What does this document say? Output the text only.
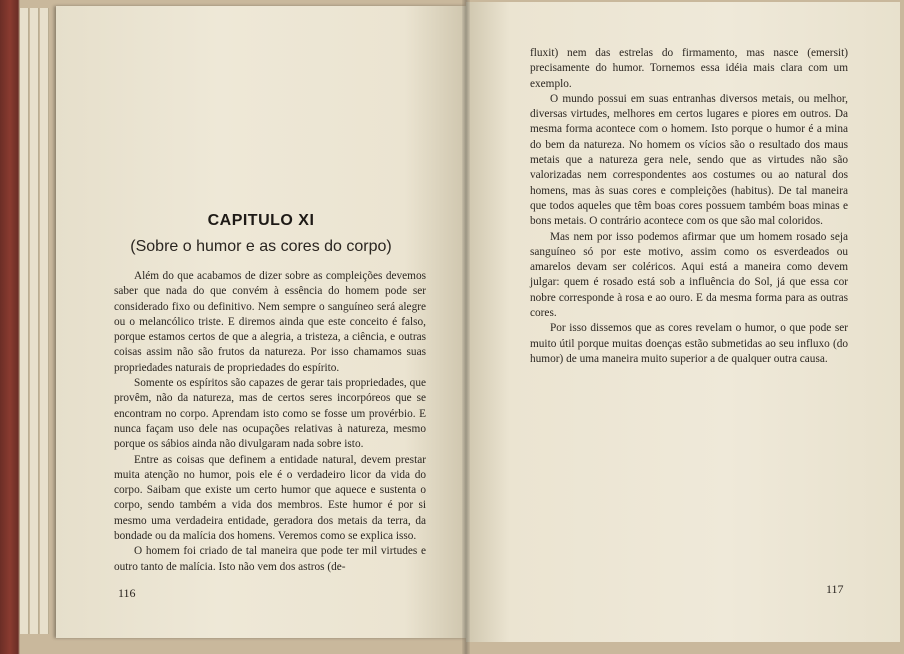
CAPITULO XI
(Sobre o humor e as cores do corpo)

Além do que acabamos de dizer sobre as compleições devemos saber que nada do que convém à essência do homem pode ser considerado fixo ou definitivo. Nem sempre o sanguíneo será alegre ou o melancólico triste. E diremos ainda que este conceito é falso, porque estamos certos de que a alegria, a tristeza, a ciência, e outras coisas assim não são frutos da natureza. Por isso chamamos suas propriedades naturais de propriedades do espírito.

Somente os espíritos são capazes de gerar tais propriedades, que provêm, não da natureza, mas de certos seres incorpóreos que se encontram no corpo. Aprendam isto como se fosse um provérbio. E nunca façam uso dele nas ocupações relativas à natureza, mesmo porque os sábios ainda não divulgaram nada sobre isto.

Entre as coisas que definem a entidade natural, devem prestar muita atenção no humor, pois ele é o verdadeiro licor da vida do corpo. Saibam que existe um certo humor que aquece e sustenta o corpo, sendo também a vida dos membros. Este humor é por si mesmo uma verdadeira entidade, geradora dos metais da terra, da bondade ou da malícia dos homens. Veremos como se explica isso.

O homem foi criado de tal maneira que pode ter mil virtudes e outro tanto de malícia. Isto não vem dos astros (de-

116

fluxit) nem das estrelas do firmamento, mas nasce (emersit) precisamente do humor. Tornemos essa idéia mais clara com um exemplo.

O mundo possui em suas entranhas diversos metais, ou melhor, diversas virtudes, melhores em certos lugares e piores em outros. Da mesma forma acontece com o homem. Isto porque o humor é a mina do bem da natureza. No homem os vícios são o resultado dos maus metais que a natureza gera nele, sendo que as virtudes não são valorizadas nem correspondentes aos costumes ou ao natural dos homens, mas às suas cores e compleições (habitus). De tal maneira que todos aqueles que têm boas cores possuem também boas minas e bons metais. O contrário acontece com os que são mal coloridos.

Mas nem por isso podemos afirmar que um homem rosado seja sanguíneo só por este motivo, assim como os esverdeados ou amarelos devam ser coléricos. Aqui está a maneira como devem julgar: quem é rosado está sob a influência do Sol, já que essa cor nobre corresponde à rosa e ao ouro. E da mesma forma para as outras cores.

Por isso dissemos que as cores revelam o humor, o que pode ser muito útil porque muitas doenças estão submetidas ao seu influxo (do humor) de uma maneira muito superior a de qualquer outra causa.

117
